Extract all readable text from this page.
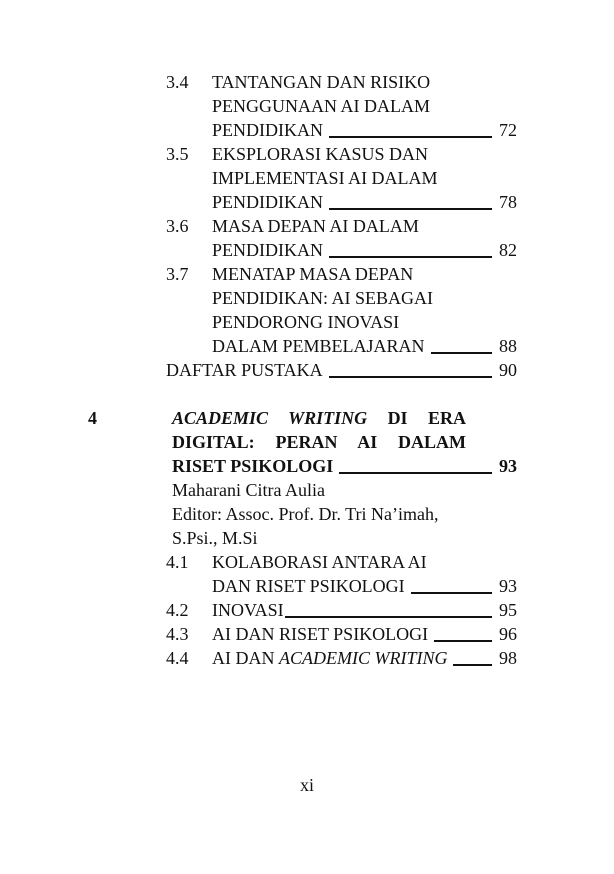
3.4	TANTANGAN DAN RISIKO
PENGGUNAAN AI DALAM
PENDIDIKAN	72
3.5	EKSPLORASI KASUS DAN
IMPLEMENTASI AI DALAM
PENDIDIKAN	78
3.6	MASA DEPAN AI DALAM
PENDIDIKAN	82
3.7	MENATAP MASA DEPAN
PENDIDIKAN: AI SEBAGAI
PENDORONG INOVASI
DALAM PEMBELAJARAN	88
DAFTAR PUSTAKA	90
4	ACADEMIC WRITING DI ERA
DIGITAL: PERAN AI DALAM
RISET PSIKOLOGI	93
Maharani Citra Aulia
Editor: Assoc. Prof. Dr. Tri Na’imah,
S.Psi., M.Si
4.1	KOLABORASI ANTARA AI
DAN RISET PSIKOLOGI	93
4.2	INOVASI	95
4.3	AI DAN RISET PSIKOLOGI	96
4.4	AI DAN ACADEMIC WRITING	98
xi
